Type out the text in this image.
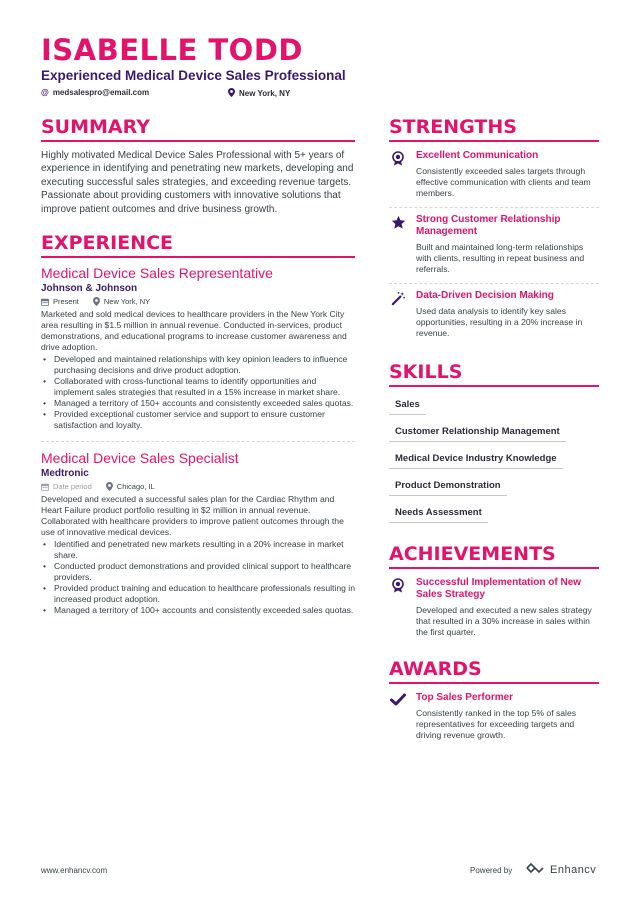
ISABELLE TODD
Experienced Medical Device Sales Professional
@ medsalespro@email.com	New York, NY
SUMMARY
Highly motivated Medical Device Sales Professional with 5+ years of experience in identifying and penetrating new markets, developing and executing successful sales strategies, and exceeding revenue targets. Passionate about providing customers with innovative solutions that improve patient outcomes and drive business growth.
EXPERIENCE
Medical Device Sales Representative
Johnson & Johnson
Present	New York, NY
Marketed and sold medical devices to healthcare providers in the New York City area resulting in $1.5 million in annual revenue. Conducted in-services, product demonstrations, and educational programs to increase customer awareness and drive adoption.
• Developed and maintained relationships with key opinion leaders to influence purchasing decisions and drive product adoption.
• Collaborated with cross-functional teams to identify opportunities and implement sales strategies that resulted in a 15% increase in market share.
• Managed a territory of 150+ accounts and consistently exceeded sales quotas.
• Provided exceptional customer service and support to ensure customer satisfaction and loyalty.
Medical Device Sales Specialist
Medtronic
Date period	Chicago, IL
Developed and executed a successful sales plan for the Cardiac Rhythm and Heart Failure product portfolio resulting in $2 million in annual revenue. Collaborated with healthcare providers to improve patient outcomes through the use of innovative medical devices.
• Identified and penetrated new markets resulting in a 20% increase in market share.
• Conducted product demonstrations and provided clinical support to healthcare providers.
• Provided product training and education to healthcare professionals resulting in increased product adoption.
• Managed a territory of 100+ accounts and consistently exceeded sales quotas.
STRENGTHS
Excellent Communication
Consistently exceeded sales targets through effective communication with clients and team members.
Strong Customer Relationship Management
Built and maintained long-term relationships with clients, resulting in repeat business and referrals.
Data-Driven Decision Making
Used data analysis to identify key sales opportunities, resulting in a 20% increase in revenue.
SKILLS
Sales
Customer Relationship Management
Medical Device Industry Knowledge
Product Demonstration
Needs Assessment
ACHIEVEMENTS
Successful Implementation of New Sales Strategy
Developed and executed a new sales strategy that resulted in a 30% increase in sales within the first quarter.
AWARDS
Top Sales Performer
Consistently ranked in the top 5% of sales representatives for exceeding targets and driving revenue growth.
www.enhancv.com	Powered by	Enhancv
